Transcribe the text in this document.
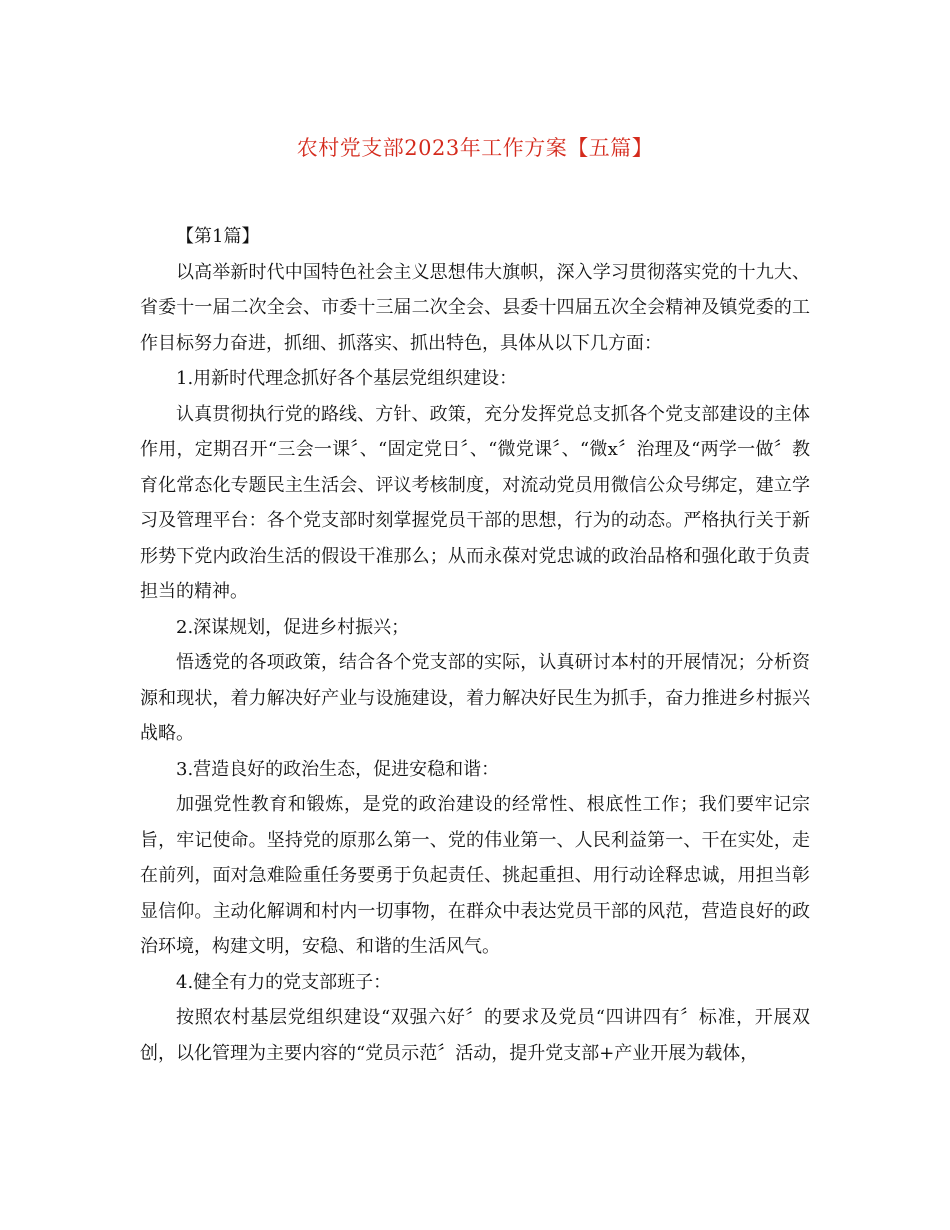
农村党支部2023年工作方案【五篇】

【第1篇】

以高举新时代中国特色社会主义思想伟大旗帜，深入学习贯彻落实党的十九大、省委十一届二次全会、市委十三届二次全会、县委十四届五次全会精神及镇党委的工作目标努力奋进，抓细、抓落实、抓出特色，具体从以下几方面：

1.用新时代理念抓好各个基层党组织建设：

认真贯彻执行党的路线、方针、政策，充分发挥党总支抓各个党支部建设的主体作用，定期召开“三会一课〞、“固定党日〞、“微党课〞、“微x〞治理及“两学一做〞教育化常态化专题民主生活会、评议考核制度，对流动党员用微信公众号绑定，建立学习及管理平台：各个党支部时刻掌握党员干部的思想，行为的动态。严格执行关于新形势下党内政治生活的假设干准那么；从而永葆对党忠诚的政治品格和强化敢于负责担当的精神。

2.深谋规划，促进乡村振兴；

悟透党的各项政策，结合各个党支部的实际，认真研讨本村的开展情况；分析资源和现状，着力解决好产业与设施建设，着力解决好民生为抓手，奋力推进乡村振兴战略。

3.营造良好的政治生态，促进安稳和谐：

加强党性教育和锻炼，是党的政治建设的经常性、根底性工作；我们要牢记宗旨，牢记使命。坚持党的原那么第一、党的伟业第一、人民利益第一、干在实处，走在前列，面对急难险重任务要勇于负起责任、挑起重担、用行动诠释忠诚，用担当彰显信仰。主动化解调和村内一切事物，在群众中表达党员干部的风范，营造良好的政治环境，构建文明，安稳、和谐的生活风气。

4.健全有力的党支部班子：

按照农村基层党组织建设“双强六好〞的要求及党员“四讲四有〞标准，开展双创，以化管理为主要内容的“党员示范〞活动，提升党支部+产业开展为载体，
